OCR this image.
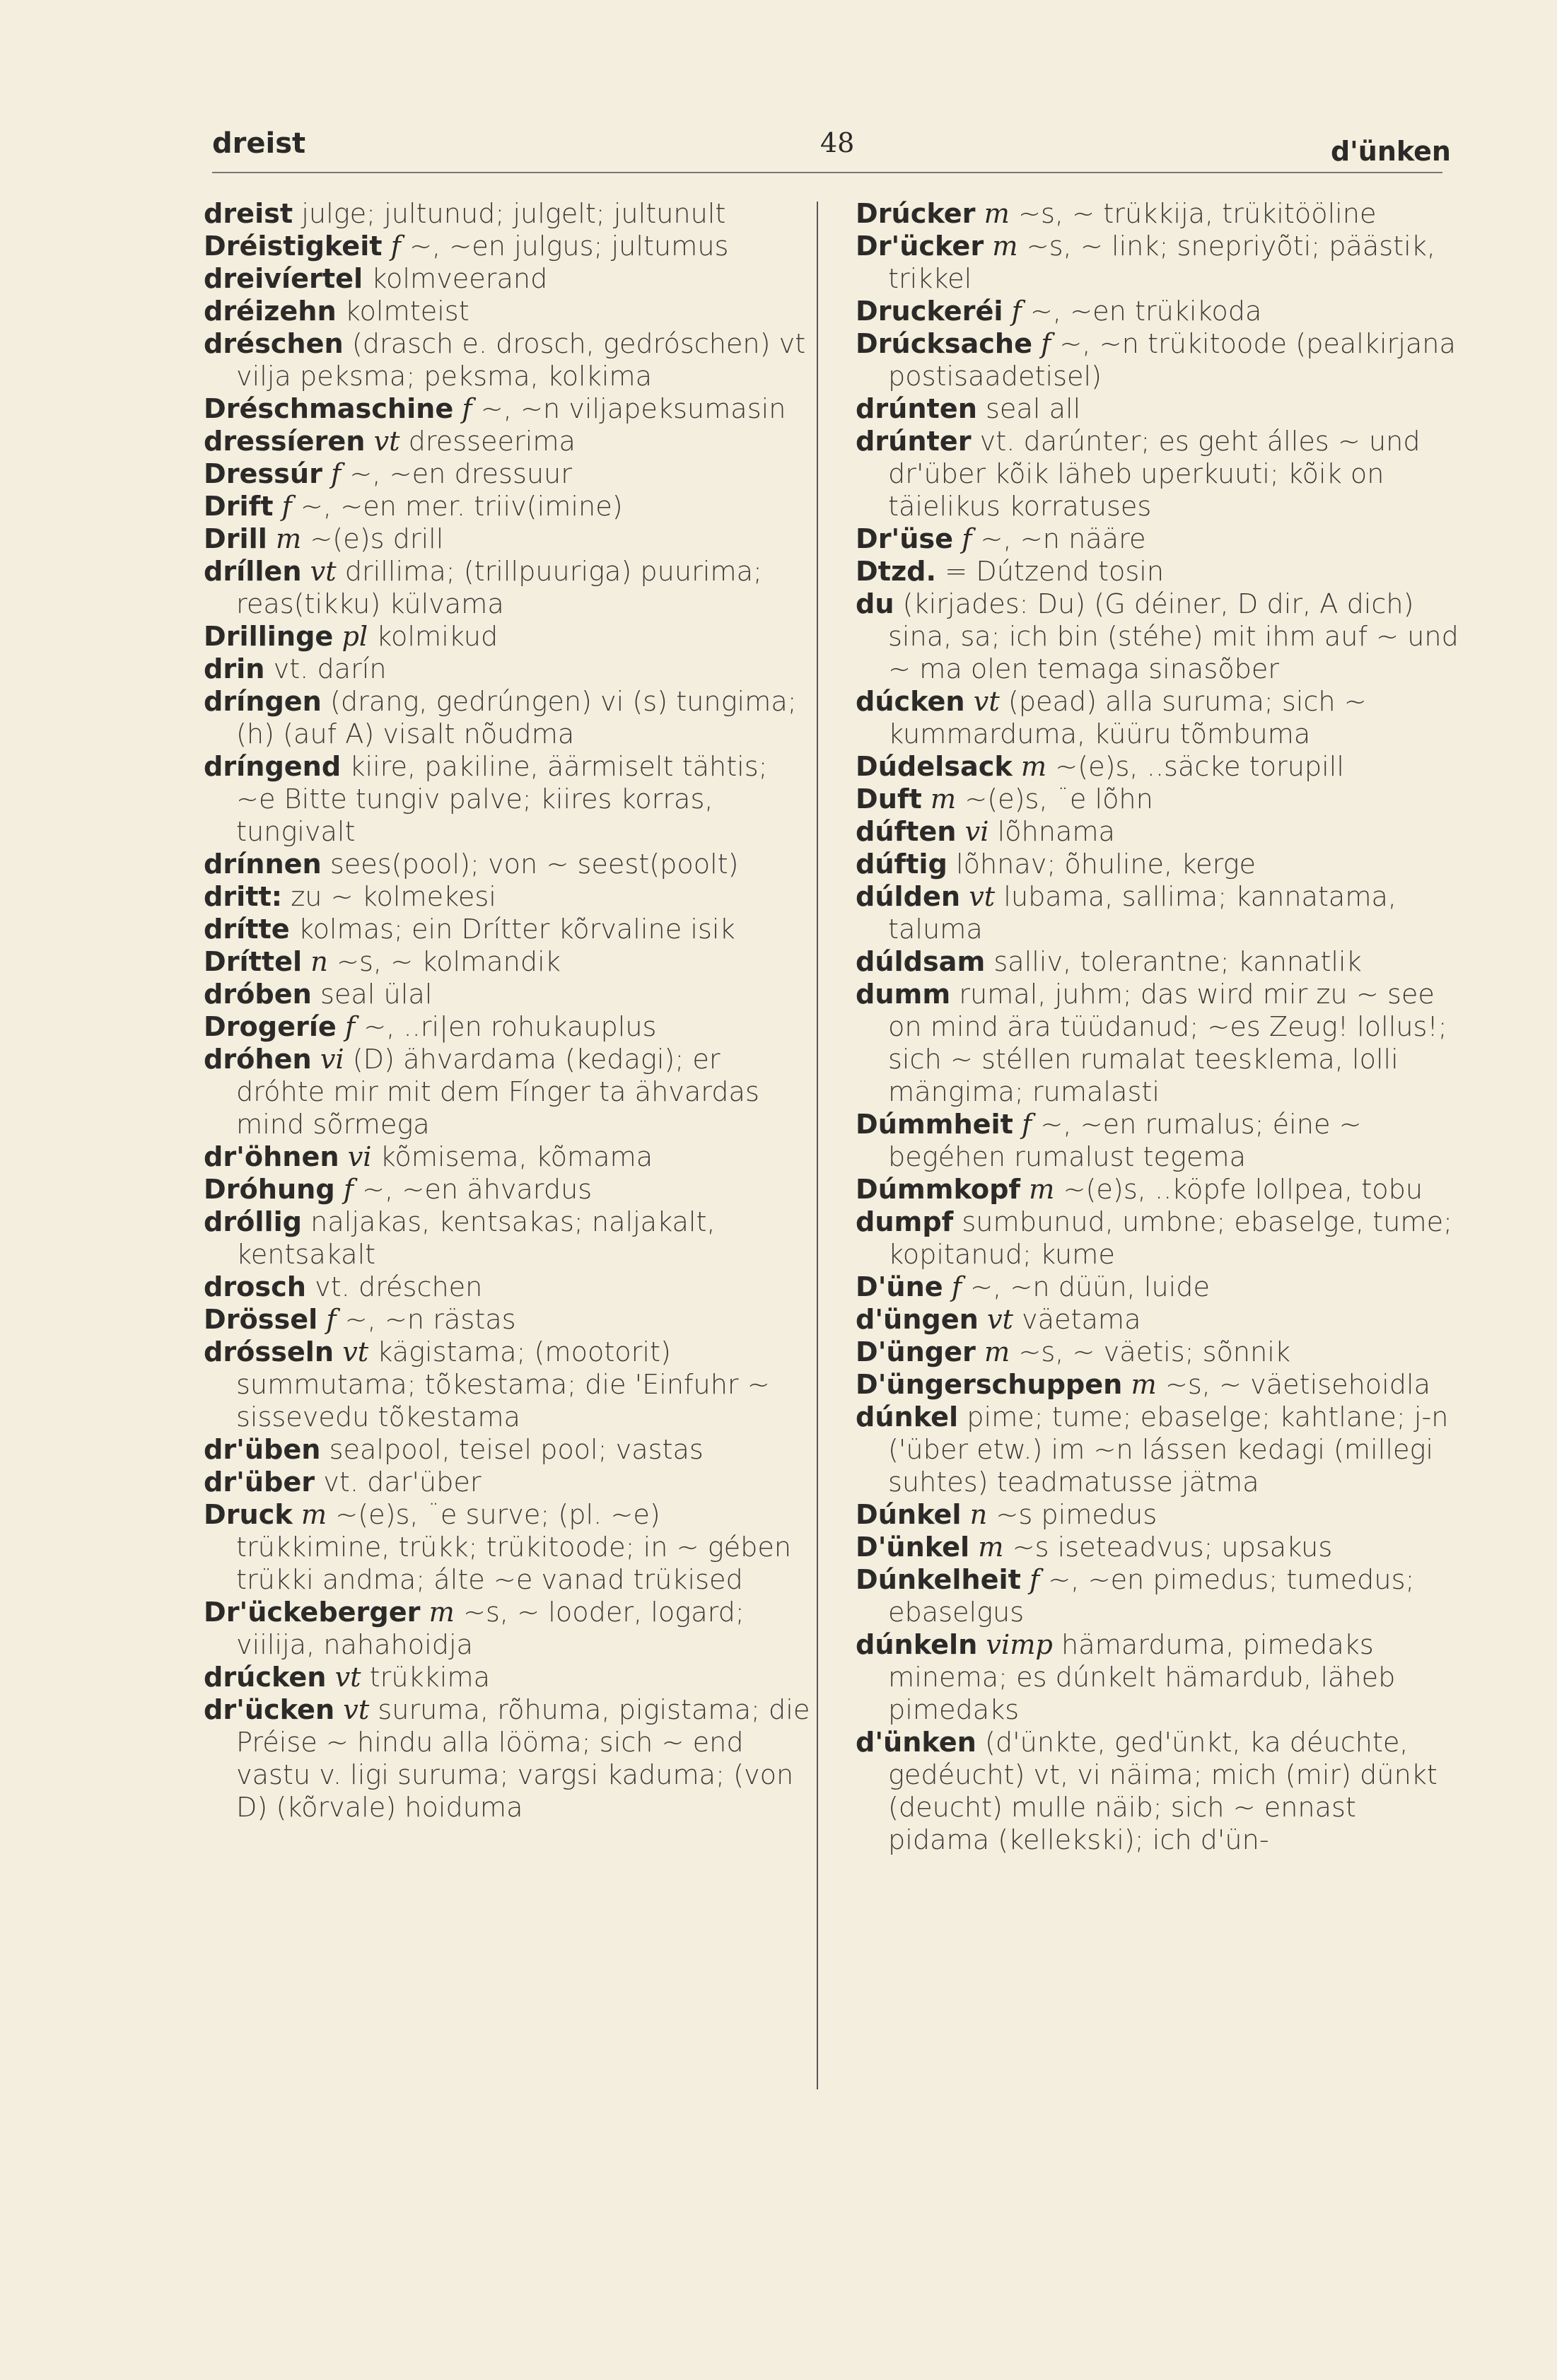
dreist	48	d'ünken
dreist julge; jultunud; julgelt; jultunult
Dréistigkeit f ~, ~en julgus; jultumus
dreivíertel kolmveerand
dréizehn kolmteist
dréschen (drasch e. drosch, gedróschen) vt vilja peksma; peksma, kolkima
Dréschmaschine f ~, ~n viljapeksumasin
dressíeren vt dresseerima
Dressúr f ~, ~en dressuur
Drift f ~, ~en mer. triiv(imine)
Drill m ~(e)s drill
dríllen vt drillima; (trillpuuriga) puurima; reas(tikku) külvama
Drillinge pl kolmikud
drin vt. darín
dríngen (drang, gedrúngen) vi (s) tungima; (h) (auf A) visalt nõudma
dríngend kiire, pakiline, äärmiselt tähtis; ~e Bitte tungiv palve; kiires korras, tungivalt
drínnen sees(pool); von ~ seest(poolt)
dritt: zu ~ kolmekesi
drítte kolmas; ein Drítter kõrvaline isik
Dríttel n ~s, ~ kolmandik
dróben seal ülal
Drogeríe f ~, ..ri|en rohukauplus
dróhen vi (D) ähvardama (kedagi); er dróhte mir mit dem Fínger ta ähvardas mind sõrmega
dr'öhnen vi kõmisema, kõmama
Dróhung f ~, ~en ähvardus
dróllig naljakas, kentsakas; naljakalt, kentsakalt
drosch vt. dréschen
Drössel f ~, ~n rästas
drósseln vt kägistama; (mootorit) summutama; tõkestama; die 'Einfuhr ~ sissevedu tõkestama
dr'üben sealpool, teisel pool; vastas
dr'über vt. dar'über
Druck m ~(e)s, ¨e surve; (pl. ~e) trükkimine, trükk; trükitoode; in ~ gében trükki andma; álte ~e vanad trükised
Dr'ückeberger m ~s, ~ looder, logard; viilija, nahahoidja
drúcken vt trükkima
dr'ücken vt suruma, rõhuma, pigistama; die Préise ~ hindu alla lööma; sich ~ end vastu v. ligi suruma; vargsi kaduma; (von D) (kõrvale) hoiduma
Drúcker m ~s, ~ trükkija, trükitööline
Dr'ücker m ~s, ~ link; snepriyõti; päästik, trikkel
Druckeréi f ~, ~en trükikoda
Drúcksache f ~, ~n trükitoode (pealkirjana postisaadetisel)
drúnten seal all
drúnter vt. darúnter; es geht álles ~ und dr'über kõik läheb uperkuuti; kõik on täielikus korratuses
Dr'üse f ~, ~n nääre
Dtzd. = Dútzend tosin
du (kirjades: Du) (G déiner, D dir, A dich) sina, sa; ich bin (stéhe) mit ihm auf ~ und ~ ma olen temaga sinasõber
dúcken vt (pead) alla suruma; sich ~ kummarduma, küüru tõmbuma
Dúdelsack m ~(e)s, ..säcke torupill
Duft m ~(e)s, ¨e lõhn
dúften vi lõhnama
dúftig lõhnav; õhuline, kerge
dúlden vt lubama, sallima; kannatama, taluma
dúldsam salliv, tolerantne; kannatlik
dumm rumal, juhm; das wird mir zu ~ see on mind ära tüüdanud; ~es Zeug! lollus!; sich ~ stéllen rumalat teesklema, lolli mängima; rumalasti
Dúmmheit f ~, ~en rumalus; éine ~ begéhen rumalust tegema
Dúmmkopf m ~(e)s, ..köpfe lollpea, tobu
dumpf sumbunud, umbne; ebaselge, tume; kopitanud; kume
D'üne f ~, ~n düün, luide
d'üngen vt väetama
D'ünger m ~s, ~ väetis; sõnnik
D'üngerschuppen m ~s, ~ väetisehoidla
dúnkel pime; tume; ebaselge; kahtlane; j-n ('über etw.) im ~n lássen kedagi (millegi suhtes) teadmatusse jätma
Dúnkel n ~s pimedus
D'ünkel m ~s iseteadvus; upsakus
Dúnkelheit f ~, ~en pimedus; tumedus; ebaselgus
dúnkeln vimp hämarduma, pimedaks minema; es dúnkelt hämardub, läheb pimedaks
d'ünken (d'ünkte, ged'ünkt, ka déuchte, gedéucht) vt, vi näima; mich (mir) dünkt (deucht) mulle näib; sich ~ ennast pidama (kellekski); ich d'ün-
